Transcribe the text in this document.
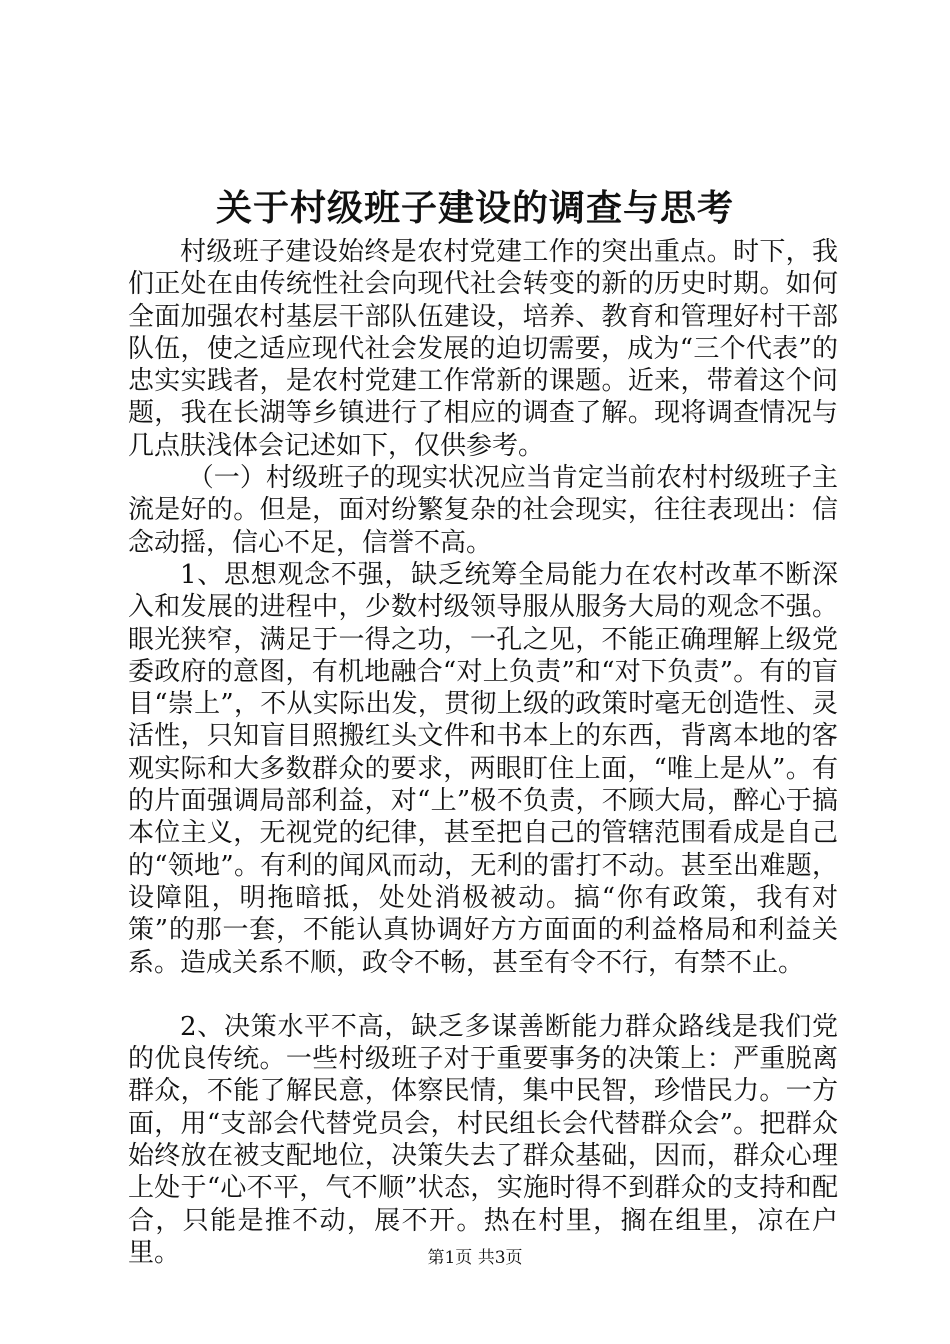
关于村级班子建设的调查与思考

村级班子建设始终是农村党建工作的突出重点。时下，我们正处在由传统性社会向现代社会转变的新的历史时期。如何全面加强农村基层干部队伍建设，培养、教育和管理好村干部队伍，使之适应现代社会发展的迫切需要，成为“三个代表”的忠实实践者，是农村党建工作常新的课题。近来，带着这个问题，我在长湖等乡镇进行了相应的调查了解。现将调查情况与几点肤浅体会记述如下，仅供参考。

（一）村级班子的现实状况应当肯定当前农村村级班子主流是好的。但是，面对纷繁复杂的社会现实，往往表现出：信念动摇，信心不足，信誉不高。

1、思想观念不强，缺乏统筹全局能力在农村改革不断深入和发展的进程中，少数村级领导服从服务大局的观念不强。眼光狭窄，满足于一得之功，一孔之见，不能正确理解上级党委政府的意图，有机地融合“对上负责”和“对下负责”。有的盲目“崇上”，不从实际出发，贯彻上级的政策时毫无创造性、灵活性，只知盲目照搬红头文件和书本上的东西，背离本地的客观实际和大多数群众的要求，两眼盯住上面，“唯上是从”。有的片面强调局部利益，对“上”极不负责，不顾大局，醉心于搞本位主义，无视党的纪律，甚至把自己的管辖范围看成是自己的“领地”。有利的闻风而动，无利的雷打不动。甚至出难题，设障阻，明拖暗抵，处处消极被动。搞“你有政策，我有对策”的那一套，不能认真协调好方方面面的利益格局和利益关系。造成关系不顺，政令不畅，甚至有令不行，有禁不止。

2、决策水平不高，缺乏多谋善断能力群众路线是我们党的优良传统。一些村级班子对于重要事务的决策上：严重脱离群众，不能了解民意，体察民情，集中民智，珍惜民力。一方面，用“支部会代替党员会，村民组长会代替群众会”。把群众始终放在被支配地位，决策失去了群众基础，因而，群众心理上处于“心不平，气不顺”状态，实施时得不到群众的支持和配合，只能是推不动，展不开。热在村里，搁在组里，凉在户里。	第1页 共3页
